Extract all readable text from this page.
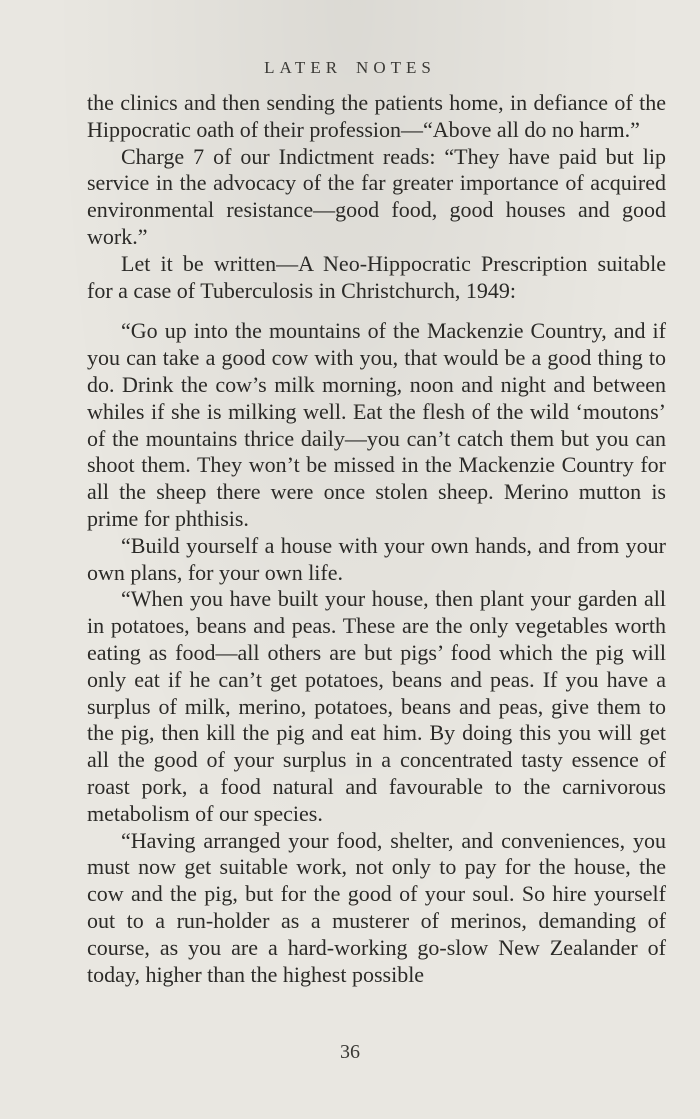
LATER NOTES

the clinics and then sending the patients home, in defiance of the Hippocratic oath of their profession—“Above all do no harm.”

Charge 7 of our Indictment reads: “They have paid but lip service in the advocacy of the far greater importance of acquired environmental resistance—good food, good houses and good work.”

Let it be written—A Neo-Hippocratic Prescription suitable for a case of Tuberculosis in Christchurch, 1949:

“Go up into the mountains of the Mackenzie Country, and if you can take a good cow with you, that would be a good thing to do. Drink the cow’s milk morning, noon and night and between whiles if she is milking well. Eat the flesh of the wild ‘moutons’ of the mountains thrice daily—you can’t catch them but you can shoot them. They won’t be missed in the Mackenzie Country for all the sheep there were once stolen sheep. Merino mutton is prime for phthisis.

“Build yourself a house with your own hands, and from your own plans, for your own life.

“When you have built your house, then plant your garden all in potatoes, beans and peas. These are the only vegetables worth eating as food—all others are but pigs’ food which the pig will only eat if he can’t get potatoes, beans and peas. If you have a surplus of milk, merino, potatoes, beans and peas, give them to the pig, then kill the pig and eat him. By doing this you will get all the good of your surplus in a concentrated tasty essence of roast pork, a food natural and favourable to the carnivorous metabolism of our species.

“Having arranged your food, shelter, and conveniences, you must now get suitable work, not only to pay for the house, the cow and the pig, but for the good of your soul. So hire yourself out to a run-holder as a musterer of merinos, demanding of course, as you are a hard-working go-slow New Zealander of today, higher than the highest possible

36
